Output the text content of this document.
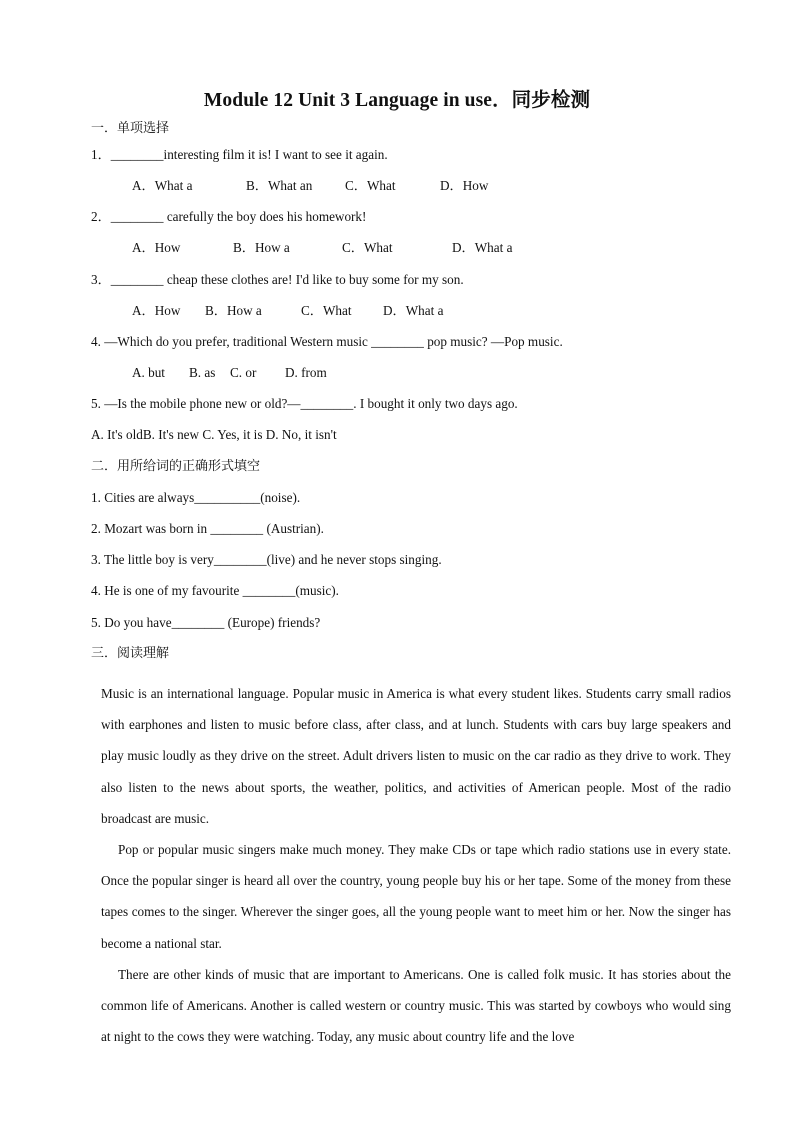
Module 12 Unit 3 Language in use．同步检测
一．单项选择
1．________interesting film it is! I want to see it again.
A．What a	B．What an C．What	D．How
2．________ carefully the boy does his homework!
A．How	B．How a	C．What	D．What a
3．________ cheap these clothes are! I'd like to buy some for my son.
A．How B．How a	C．What D．What a
4. —Which do you prefer, traditional Western music ________ pop music? —Pop music.
A. but B. as C. or D. from
5. —Is the mobile phone new or old?—________. I bought it only two days ago.
A. It's oldB. It's new C. Yes, it is D. No, it isn't
二．用所给词的正确形式填空
1. Cities are always__________(noise).
2. Mozart was born in ________ (Austrian).
3. The little boy is very________(live) and he never stops singing.
4. He is one of my favourite ________(music).
5. Do you have________ (Europe) friends?
三．阅读理解

Music is an international language. Popular music in America is what every student likes. Students carry small radios with earphones and listen to music before class, after class, and at lunch. Students with cars buy large speakers and play music loudly as they drive on the street. Adult drivers listen to music on the car radio as they drive to work. They also listen to the news about sports, the weather, politics, and activities of American people. Most of the radio broadcast are music.

Pop or popular music singers make much money. They make CDs or tape which radio stations use in every state. Once the popular singer is heard all over the country, young people buy his or her tape. Some of the money from these tapes comes to the singer. Wherever the singer goes, all the young people want to meet him or her. Now the singer has become a national star.

There are other kinds of music that are important to Americans. One is called folk music. It has stories about the common life of Americans. Another is called western or country music. This was started by cowboys who would sing at night to the cows they were watching. Today, any music about country life and the love
